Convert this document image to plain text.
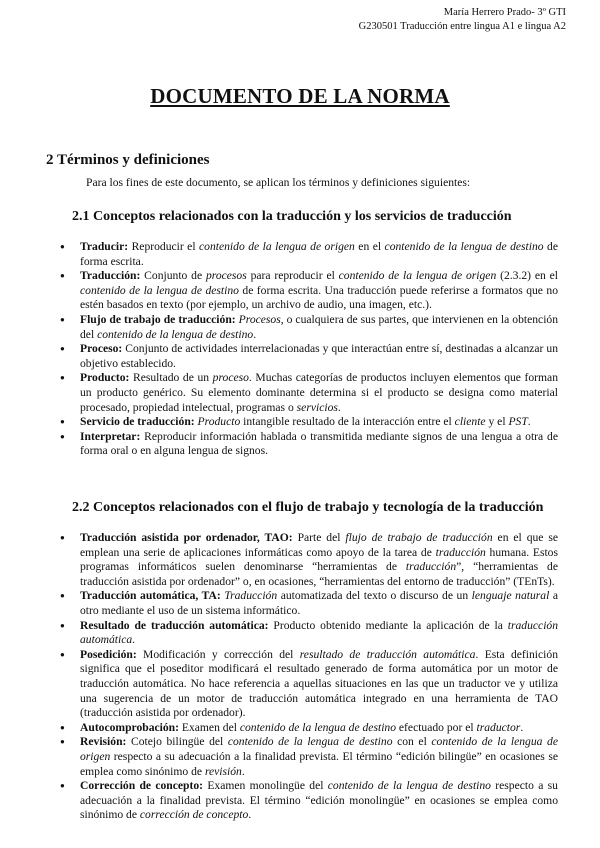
María Herrero Prado- 3º GTI
G230501 Traducción entre lingua A1 e lingua A2
DOCUMENTO DE LA NORMA
2 Términos y definiciones
Para los fines de este documento, se aplican los términos y definiciones siguientes:
2.1 Conceptos relacionados con la traducción y los servicios de traducción
● Traducir: Reproducir el contenido de la lengua de origen en el contenido de la lengua de destino de forma escrita.
● Traducción: Conjunto de procesos para reproducir el contenido de la lengua de origen (2.3.2) en el contenido de la lengua de destino de forma escrita. Una traducción puede referirse a formatos que no estén basados en texto (por ejemplo, un archivo de audio, una imagen, etc.).
● Flujo de trabajo de traducción: Procesos, o cualquiera de sus partes, que intervienen en la obtención del contenido de la lengua de destino.
● Proceso: Conjunto de actividades interrelacionadas y que interactúan entre sí, destinadas a alcanzar un objetivo establecido.
● Producto: Resultado de un proceso. Muchas categorías de productos incluyen elementos que forman un producto genérico. Su elemento dominante determina si el producto se designa como material procesado, propiedad intelectual, programas o servicios.
● Servicio de traducción: Producto intangible resultado de la interacción entre el cliente y el PST.
● Interpretar: Reproducir información hablada o transmitida mediante signos de una lengua a otra de forma oral o en alguna lengua de signos.
2.2 Conceptos relacionados con el flujo de trabajo y tecnología de la traducción
● Traducción asistida por ordenador, TAO: Parte del flujo de trabajo de traducción en el que se emplean una serie de aplicaciones informáticas como apoyo de la tarea de traducción humana. Estos programas informáticos suelen denominarse “herramientas de traducción”, “herramientas de traducción asistida por ordenador” o, en ocasiones, “herramientas del entorno de traducción” (TEnTs).
● Traducción automática, TA: Traducción automatizada del texto o discurso de un lenguaje natural a otro mediante el uso de un sistema informático.
● Resultado de traducción automática: Producto obtenido mediante la aplicación de la traducción automática.
● Posedición: Modificación y corrección del resultado de traducción automática. Esta definición significa que el poseditor modificará el resultado generado de forma automática por un motor de traducción automática. No hace referencia a aquellas situaciones en las que un traductor ve y utiliza una sugerencia de un motor de traducción automática integrado en una herramienta de TAO (traducción asistida por ordenador).
● Autocomprobación: Examen del contenido de la lengua de destino efectuado por el traductor.
● Revisión: Cotejo bilingüe del contenido de la lengua de destino con el contenido de la lengua de origen respecto a su adecuación a la finalidad prevista. El término “edición bilingüe” en ocasiones se emplea como sinónimo de revisión.
● Corrección de concepto: Examen monolingüe del contenido de la lengua de destino respecto a su adecuación a la finalidad prevista. El término “edición monolingüe” en ocasiones se emplea como sinónimo de corrección de concepto.
